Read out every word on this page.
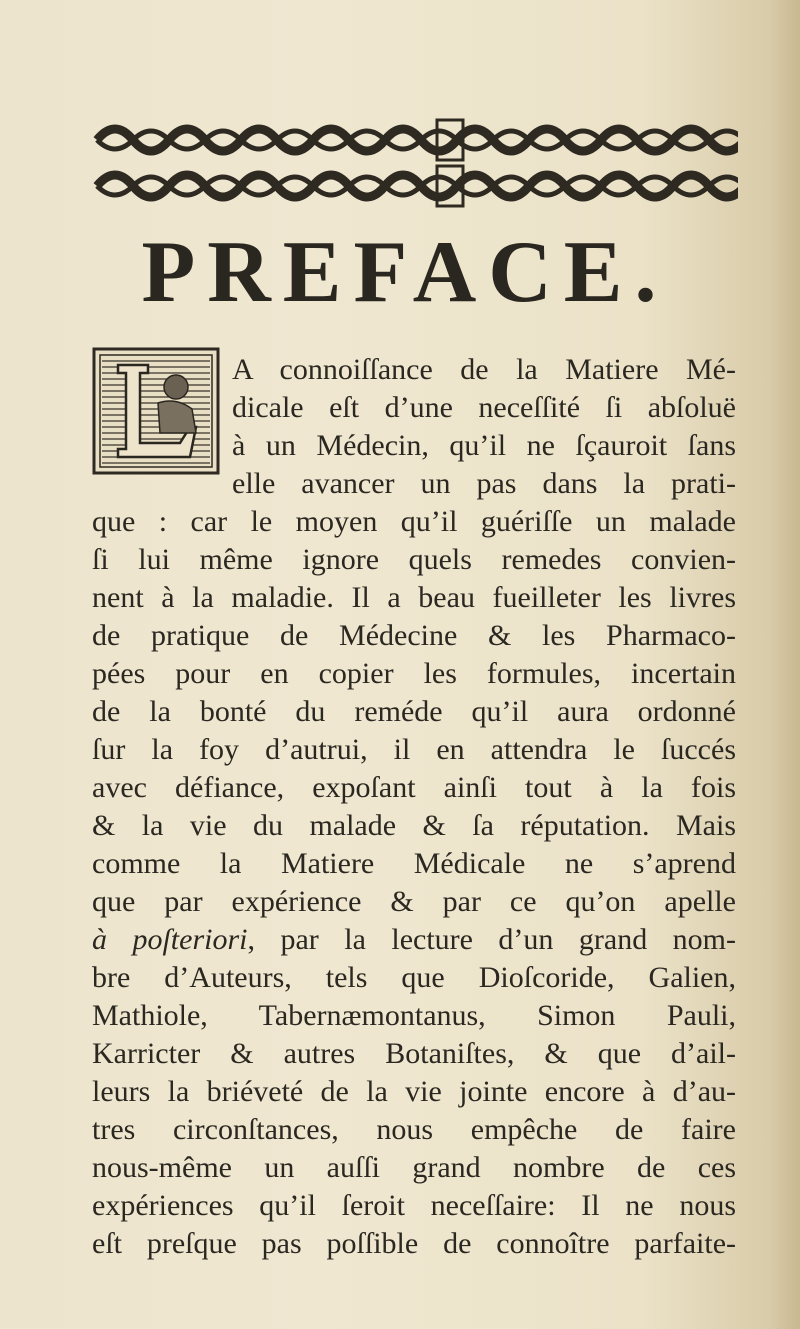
PREFACE.

A connoiſſance de la Matiere Mé-

dicale eſt d’une neceſſité ſi abſoluë

à un Médecin, qu’il ne ſçauroit ſans

elle avancer un pas dans la prati-

que : car le moyen qu’il guériſſe un malade

ſi lui même ignore quels remedes convien-

nent à la maladie. Il a beau fueilleter les livres

de pratique de Médecine & les Pharmaco-

pées pour en copier les formules, incertain

de la bonté du reméde qu’il aura ordonné

ſur la foy d’autrui, il en attendra le ſuccés

avec défiance, expoſant ainſi tout à la fois

& la vie du malade & ſa réputation. Mais

comme la Matiere Médicale ne s’aprend

que par expérience & par ce qu’on apelle

à poſteriori, par la lecture d’un grand nom-

bre d’Auteurs, tels que Dioſcoride, Galien,

Mathiole, Tabernæmontanus, Simon Pauli,

Karricter & autres Botaniſtes, & que d’ail-

leurs la briéveté de la vie jointe encore à d’au-

tres circonſtances, nous empêche de faire

nous-même un auſſi grand nombre de ces

expériences qu’il ſeroit neceſſaire: Il ne nous

eſt preſque pas poſſible de connoître parfaite-
